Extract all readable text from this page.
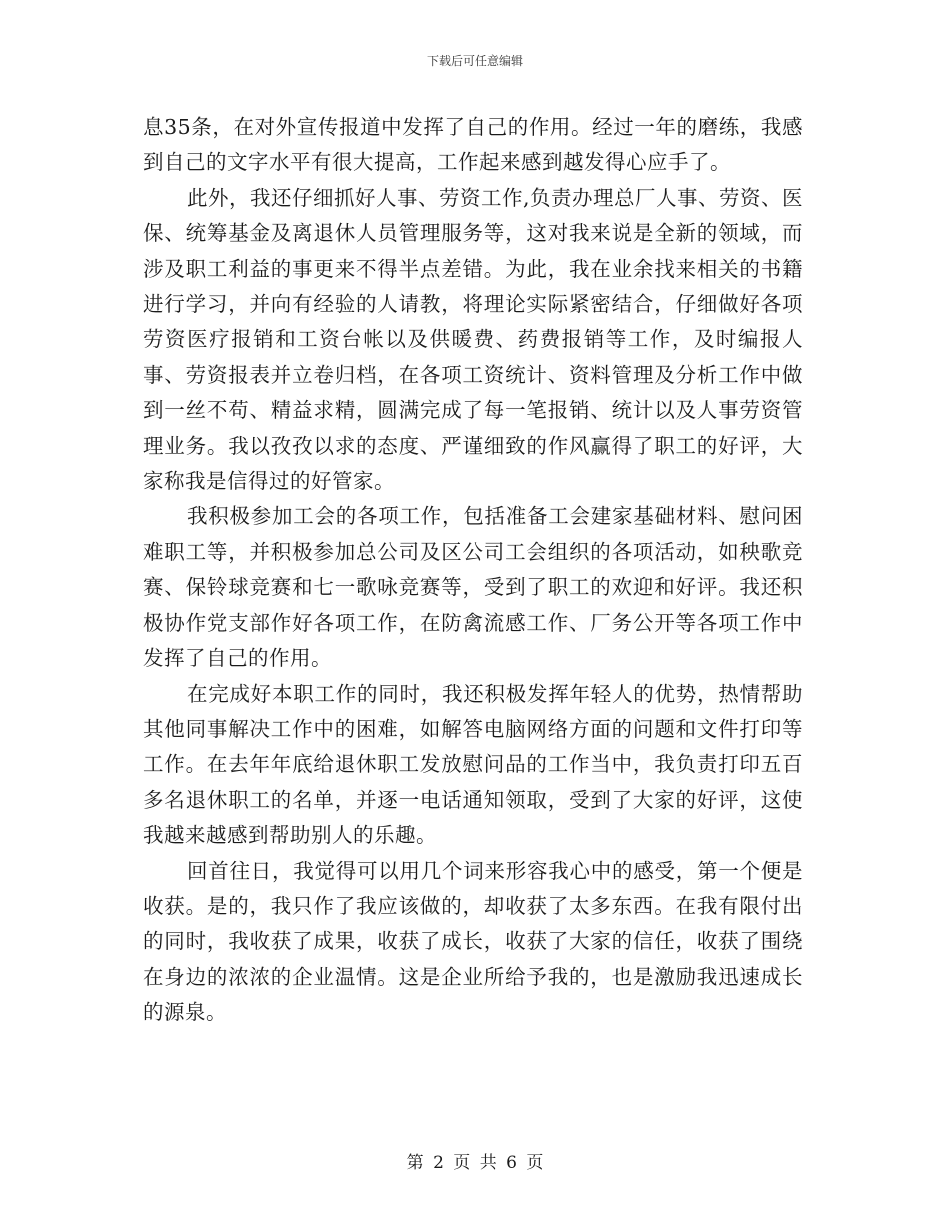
下载后可任意编辑

息35条，在对外宣传报道中发挥了自己的作用。经过一年的磨练，我感到自己的文字水平有很大提高，工作起来感到越发得心应手了。

此外，我还仔细抓好人事、劳资工作,负责办理总厂人事、劳资、医保、统筹基金及离退休人员管理服务等，这对我来说是全新的领域，而涉及职工利益的事更来不得半点差错。为此，我在业余找来相关的书籍进行学习，并向有经验的人请教，将理论实际紧密结合，仔细做好各项劳资医疗报销和工资台帐以及供暖费、药费报销等工作，及时编报人事、劳资报表并立卷归档，在各项工资统计、资料管理及分析工作中做到一丝不苟、精益求精，圆满完成了每一笔报销、统计以及人事劳资管理业务。我以孜孜以求的态度、严谨细致的作风赢得了职工的好评，大家称我是信得过的好管家。

我积极参加工会的各项工作，包括准备工会建家基础材料、慰问困难职工等，并积极参加总公司及区公司工会组织的各项活动，如秧歌竞赛、保铃球竞赛和七一歌咏竞赛等，受到了职工的欢迎和好评。我还积极协作党支部作好各项工作，在防禽流感工作、厂务公开等各项工作中发挥了自己的作用。

在完成好本职工作的同时，我还积极发挥年轻人的优势，热情帮助其他同事解决工作中的困难，如解答电脑网络方面的问题和文件打印等工作。在去年年底给退休职工发放慰问品的工作当中，我负责打印五百多名退休职工的名单，并逐一电话通知领取，受到了大家的好评，这使我越来越感到帮助别人的乐趣。

回首往日，我觉得可以用几个词来形容我心中的感受，第一个便是收获。是的，我只作了我应该做的，却收获了太多东西。在我有限付出的同时，我收获了成果，收获了成长，收获了大家的信任，收获了围绕在身边的浓浓的企业温情。这是企业所给予我的，也是激励我迅速成长的源泉。

第 2 页 共 6 页
